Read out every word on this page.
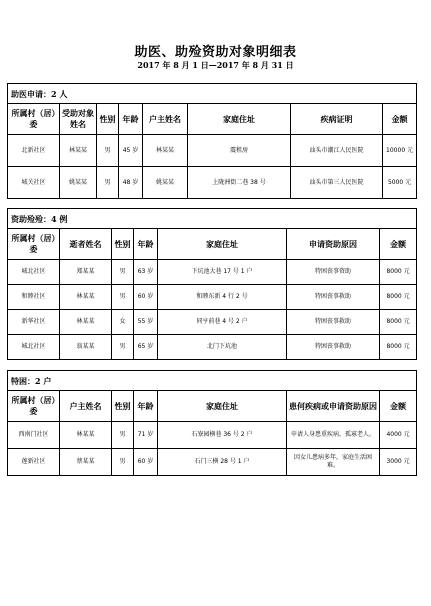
助医、助殓资助对象明细表
2017 年 8 月 1 日—2017 年 8 月 31 日
助医申请：2 人							
所属村（居）委	受助对象姓名	性别	年龄	户主姓名	家庭住址	疾病证明	金额
北新社区	林某某	男	45 岁	林某某	震租房	汕头市潮江人民医院	10000 元
城关社区	姚某某	男	48 岁	姚某某	上陇洲街二巷 38 号	汕头市第三人民医院	5000 元
资助殓殓：4 例						
所属村（居）委	逝者姓名	性别	年龄	家庭住址	申请资助原因	金额
城北社区	郑某某	男	63 岁	下坑池大巷 17 号 1 户	特困丧事资助	8000 元
和睦社区	林某某	男	60 岁	和睦东新 4 行 2 号	特困丧事救助	8000 元
新华社区	林某某	女	55 岁	同亨前巷 4 号 2 户	特困丧事救助	8000 元
城北社区	翁某某	男	65 岁	北门下坑池	特困丧事救助	8000 元
特困：2 户						
所属村（居）委	户主姓名	性别	年龄	家庭住址	患何疾病或申请资助原因	金额
西南门社区	林某某	男	71 岁	石寮园横巷 36 号 2 户	申请人身患重疾病，孤寡老人。	4000 元
莲新社区	蔡某某	男	60 岁	石门三横 28 号 1 户	因女儿患病多年，家庭生活困难。	3000 元
